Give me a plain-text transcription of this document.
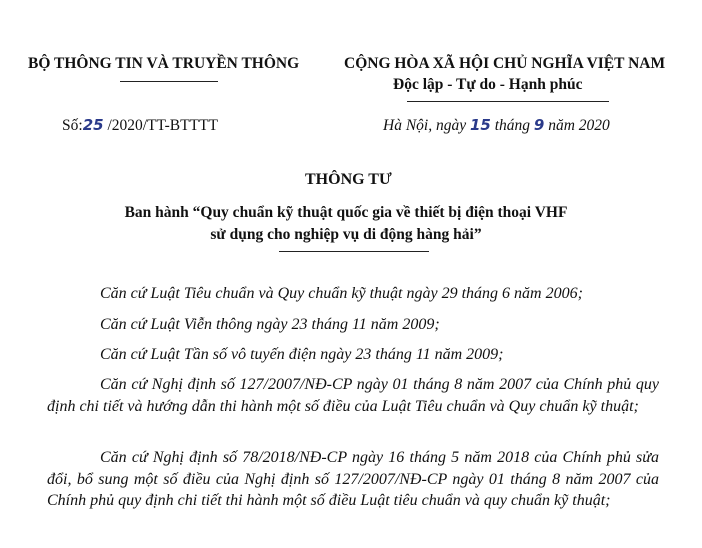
BỘ THÔNG TIN VÀ TRUYỀN THÔNG	CỘNG HÒA XÃ HỘI CHỦ NGHĨA VIỆT NAM
Độc lập - Tự do - Hạnh phúc
Số:25 /2020/TT-BTTTT	Hà Nội, ngày 15 tháng 9 năm 2020
THÔNG TƯ
Ban hành “Quy chuẩn kỹ thuật quốc gia về thiết bị điện thoại VHF
sử dụng cho nghiệp vụ di động hàng hải”
Căn cứ Luật Tiêu chuẩn và Quy chuẩn kỹ thuật ngày 29 tháng 6 năm 2006;
Căn cứ Luật Viễn thông ngày 23 tháng 11 năm 2009;
Căn cứ Luật Tần số vô tuyến điện ngày 23 tháng 11 năm 2009;
Căn cứ Nghị định số 127/2007/NĐ-CP ngày 01 tháng 8 năm 2007 của Chính phủ quy định chi tiết và hướng dẫn thi hành một số điều của Luật Tiêu chuẩn và Quy chuẩn kỹ thuật;
Căn cứ Nghị định số 78/2018/NĐ-CP ngày 16 tháng 5 năm 2018 của Chính phủ sửa đổi, bổ sung một số điều của Nghị định số 127/2007/NĐ-CP ngày 01 tháng 8 năm 2007 của Chính phủ quy định chi tiết thi hành một số điều Luật tiêu chuẩn và quy chuẩn kỹ thuật;
